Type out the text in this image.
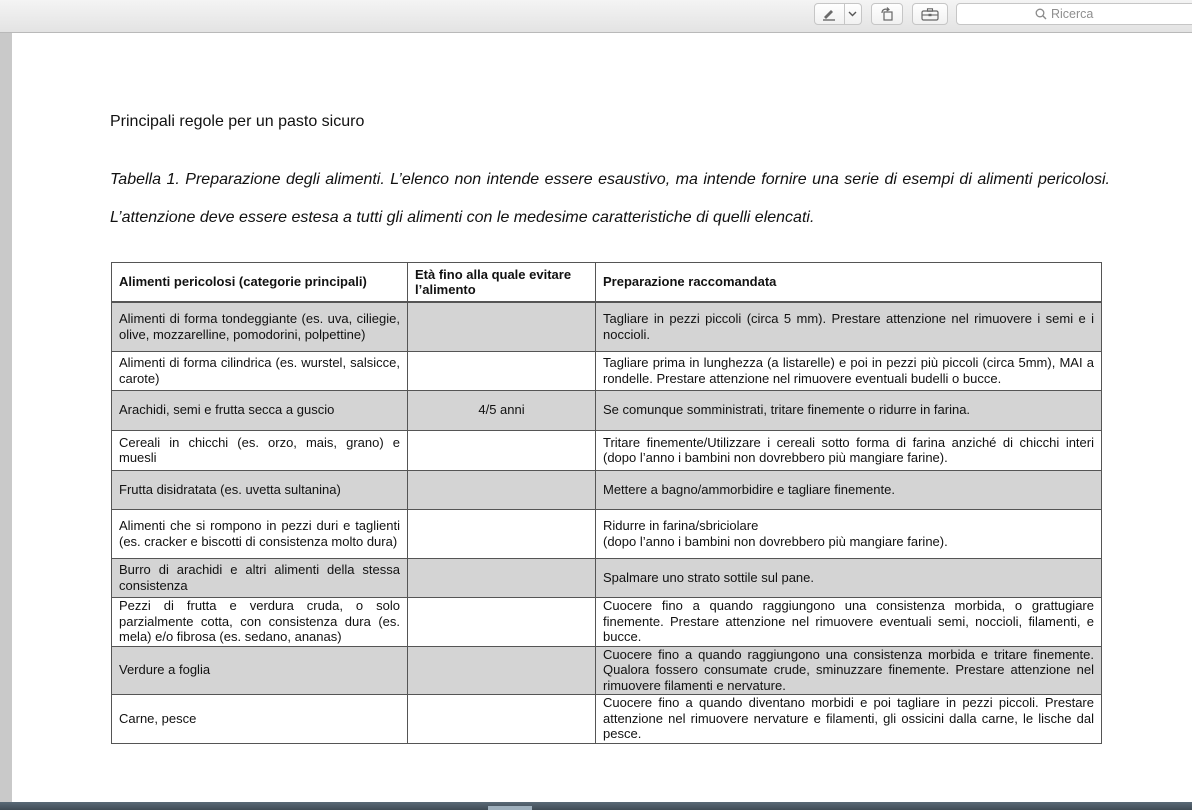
Ricerca
Principali regole per un pasto sicuro
Tabella 1. Preparazione degli alimenti. L’elenco non intende essere esaustivo, ma intende fornire una serie di esempi di alimenti pericolosi. L’attenzione deve essere estesa a tutti gli alimenti con le medesime caratteristiche di quelli elencati.
Alimenti pericolosi (categorie principali)	Età fino alla quale evitare l’alimento	Preparazione raccomandata
Alimenti di forma tondeggiante (es. uva, ciliegie, olive, mozzarelline, pomodorini, polpettine)		Tagliare in pezzi piccoli (circa 5 mm). Prestare attenzione nel rimuovere i semi e i noccioli.
Alimenti di forma cilindrica (es. wurstel, salsicce, carote)		Tagliare prima in lunghezza (a listarelle) e poi in pezzi più piccoli (circa 5mm), MAI a rondelle. Prestare attenzione nel rimuovere eventuali budelli o bucce.
Arachidi, semi e frutta secca a guscio	4/5 anni	Se comunque somministrati, tritare finemente o ridurre in farina.
Cereali in chicchi (es. orzo, mais, grano) e muesli		Tritare finemente/Utilizzare i cereali sotto forma di farina anziché di chicchi interi (dopo l’anno i bambini non dovrebbero più mangiare farine).
Frutta disidratata (es. uvetta sultanina)		Mettere a bagno/ammorbidire e tagliare finemente.
Alimenti che si rompono in pezzi duri e taglienti (es. cracker e biscotti di consistenza molto dura)		Ridurre in farina/sbriciolare
(dopo l’anno i bambini non dovrebbero più mangiare farine).
Burro di arachidi e altri alimenti della stessa consistenza		Spalmare uno strato sottile sul pane.
Pezzi di frutta e verdura cruda, o solo parzialmente cotta, con consistenza dura (es. mela) e/o fibrosa (es. sedano, ananas)		Cuocere fino a quando raggiungono una consistenza morbida, o grattugiare finemente. Prestare attenzione nel rimuovere eventuali semi, noccioli, filamenti, e bucce.
Verdure a foglia		Cuocere fino a quando raggiungono una consistenza morbida e tritare finemente. Qualora fossero consumate crude, sminuzzare finemente. Prestare attenzione nel rimuovere filamenti e nervature.
Carne, pesce		Cuocere fino a quando diventano morbidi e poi tagliare in pezzi piccoli. Prestare attenzione nel rimuovere nervature e filamenti, gli ossicini dalla carne, le lische dal pesce.
